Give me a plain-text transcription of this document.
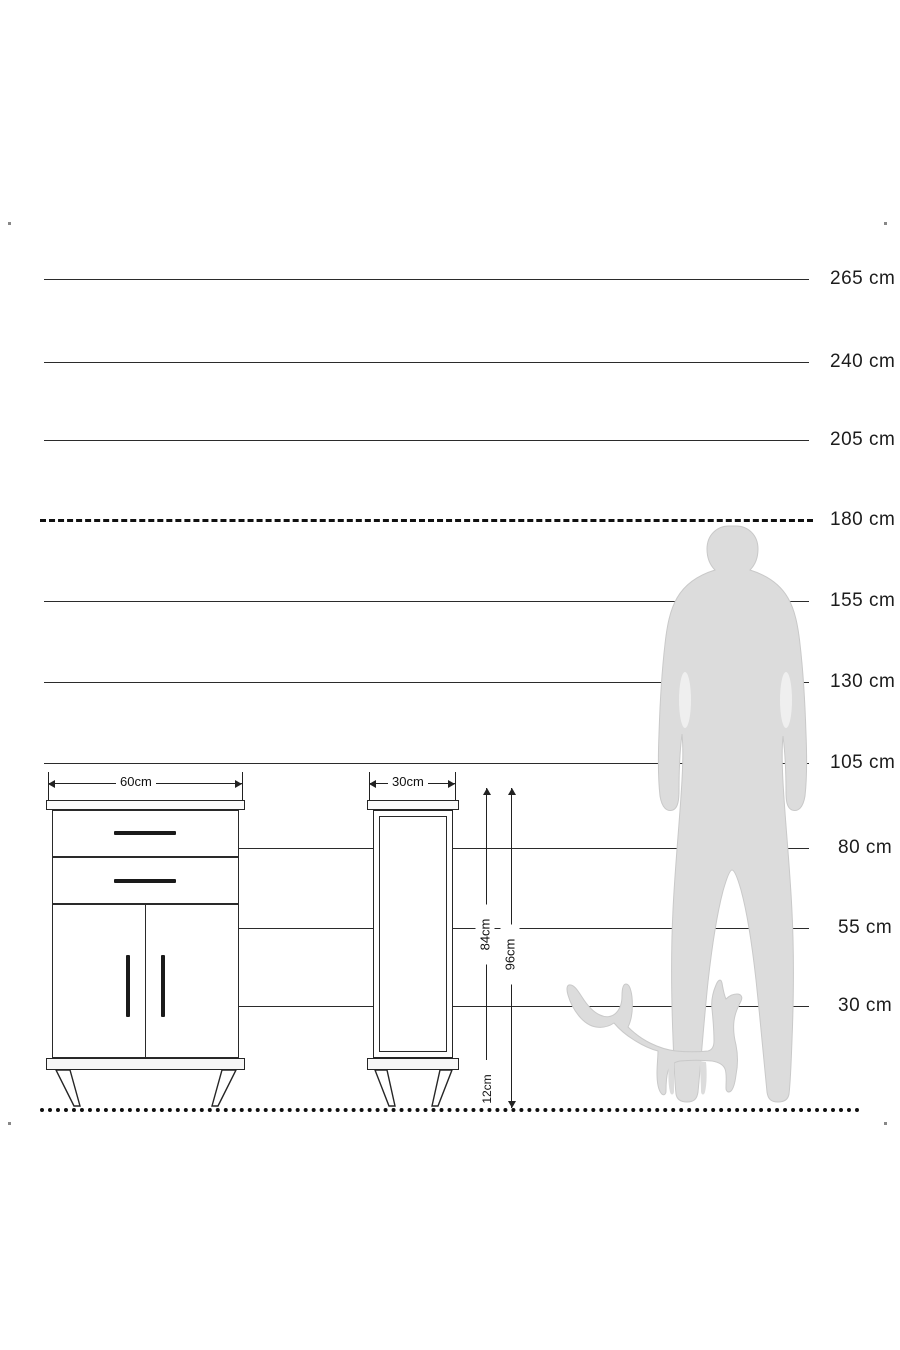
265 cm
240 cm
205 cm
180 cm
155 cm
130 cm
105 cm
80 cm
55 cm
30 cm
60cm	30cm
84cm
96cm
12cm
